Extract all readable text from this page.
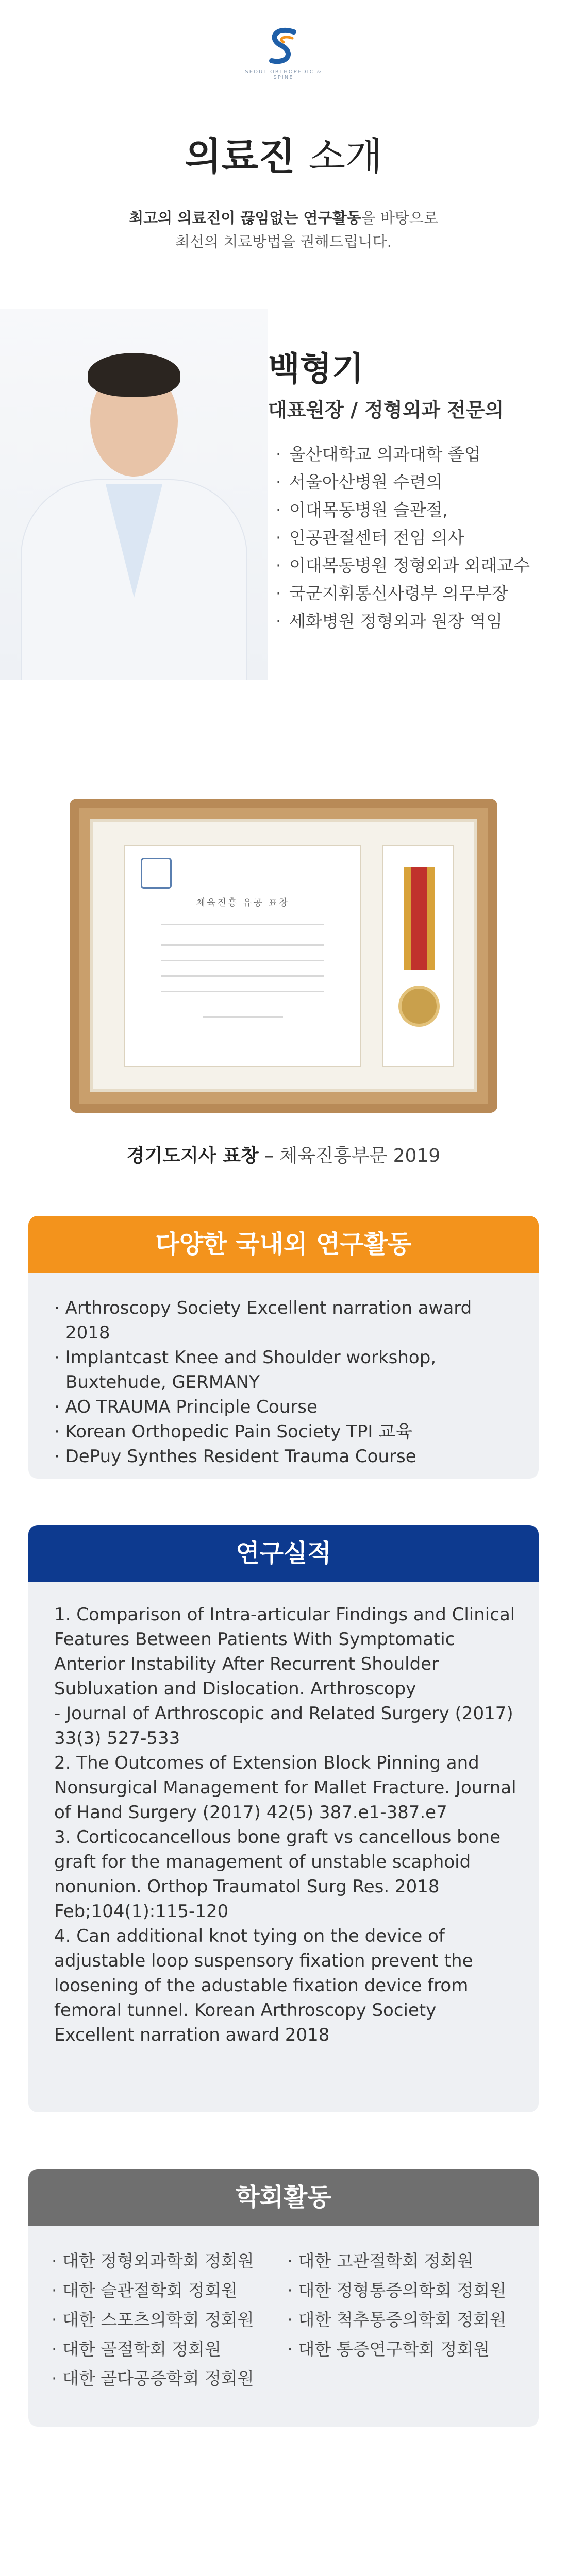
SEOUL ORTHOPEDIC & SPINE
의료진 소개
최고의 의료진이 끊임없는 연구활동을 바탕으로
최선의 치료방법을 권해드립니다.
백형기
대표원장 / 정형외과 전문의
· 울산대학교 의과대학 졸업
· 서울아산병원 수련의
· 이대목동병원 슬관절,
· 인공관절센터 전임 의사
· 이대목동병원 정형외과 외래교수
· 국군지휘통신사령부 의무부장
· 세화병원 정형외과 원장 역임
체육진흥 유공 표창
경기도지사 표창 – 체육진흥부문 2019
다양한 국내외 연구활동
· Arthroscopy Society Excellent narration award 2018
· Implantcast Knee and Shoulder workshop, Buxtehude, GERMANY
· AO TRAUMA Principle Course
· Korean Orthopedic Pain Society TPI 교육
· DePuy Synthes Resident Trauma Course
연구실적

1. Comparison of Intra-articular Findings and Clinical Features Between Patients With Symptomatic Anterior Instability After Recurrent Shoulder Subluxation and Dislocation. Arthroscopy

- Journal of Arthroscopic and Related Surgery (2017) 33(3) 527-533

2. The Outcomes of Extension Block Pinning and Nonsurgical Management for Mallet Fracture. Journal of Hand Surgery (2017) 42(5) 387.e1-387.e7

3. Corticocancellous bone graft vs cancellous bone graft for the management of unstable scaphoid nonunion. Orthop Traumatol Surg Res. 2018 Feb;104(1):115-120

4. Can additional knot tying on the device of adjustable loop suspensory fixation prevent the loosening of the adustable fixation device from femoral tunnel. Korean Arthroscopy Society Excellent narration award 2018

학회활동
· 대한 정형외과학회 정회원
· 대한 슬관절학회 정회원
· 대한 스포츠의학회 정회원
· 대한 골절학회 정회원
· 대한 골다공증학회 정회원
· 대한 고관절학회 정회원
· 대한 정형통증의학회 정회원
· 대한 척추통증의학회 정회원
· 대한 통증연구학회 정회원
